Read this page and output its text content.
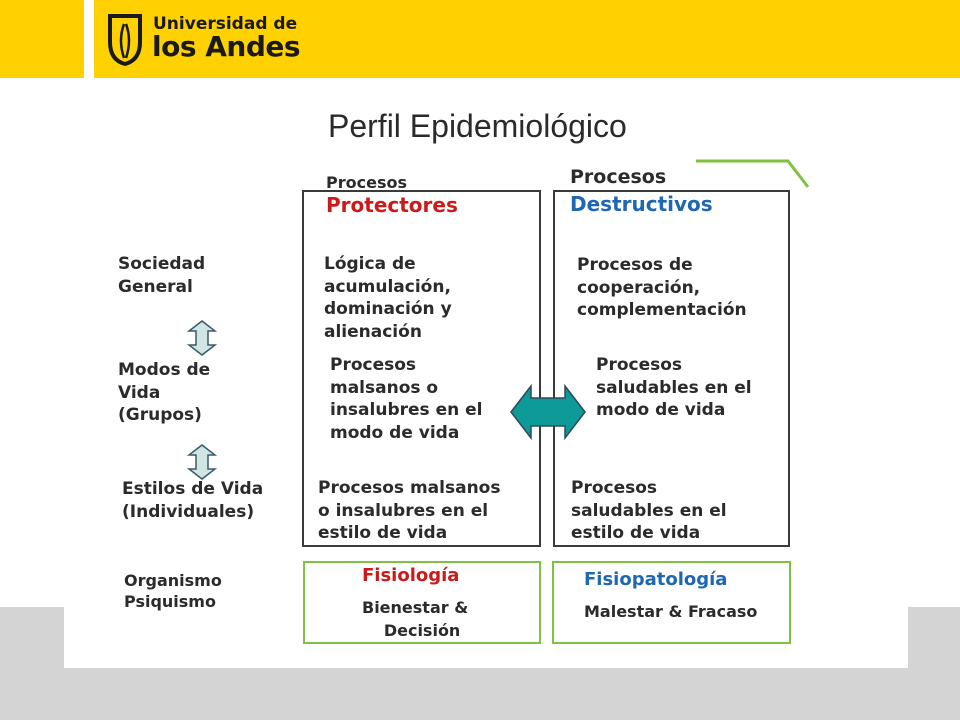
Universidad de
los Andes
Perfil Epidemiológico
Sociedad
General
Modos de
Vida
(Grupos)
Estilos de Vida
(Individuales)
Organismo
Psiquismo
Procesos
Protectores
Lógica de
acumulación,
dominación y
alienación
Procesos
malsanos o
insalubres en el
modo de vida
Procesos malsanos
o insalubres en el
estilo de vida
Procesos
Destructivos
Procesos de
cooperación,
complementación
Procesos
saludables en el
modo de vida
Procesos
saludables en el
estilo de vida
Fisiología
Bienestar &
Decisión
Fisiopatología
Malestar & Fracaso
